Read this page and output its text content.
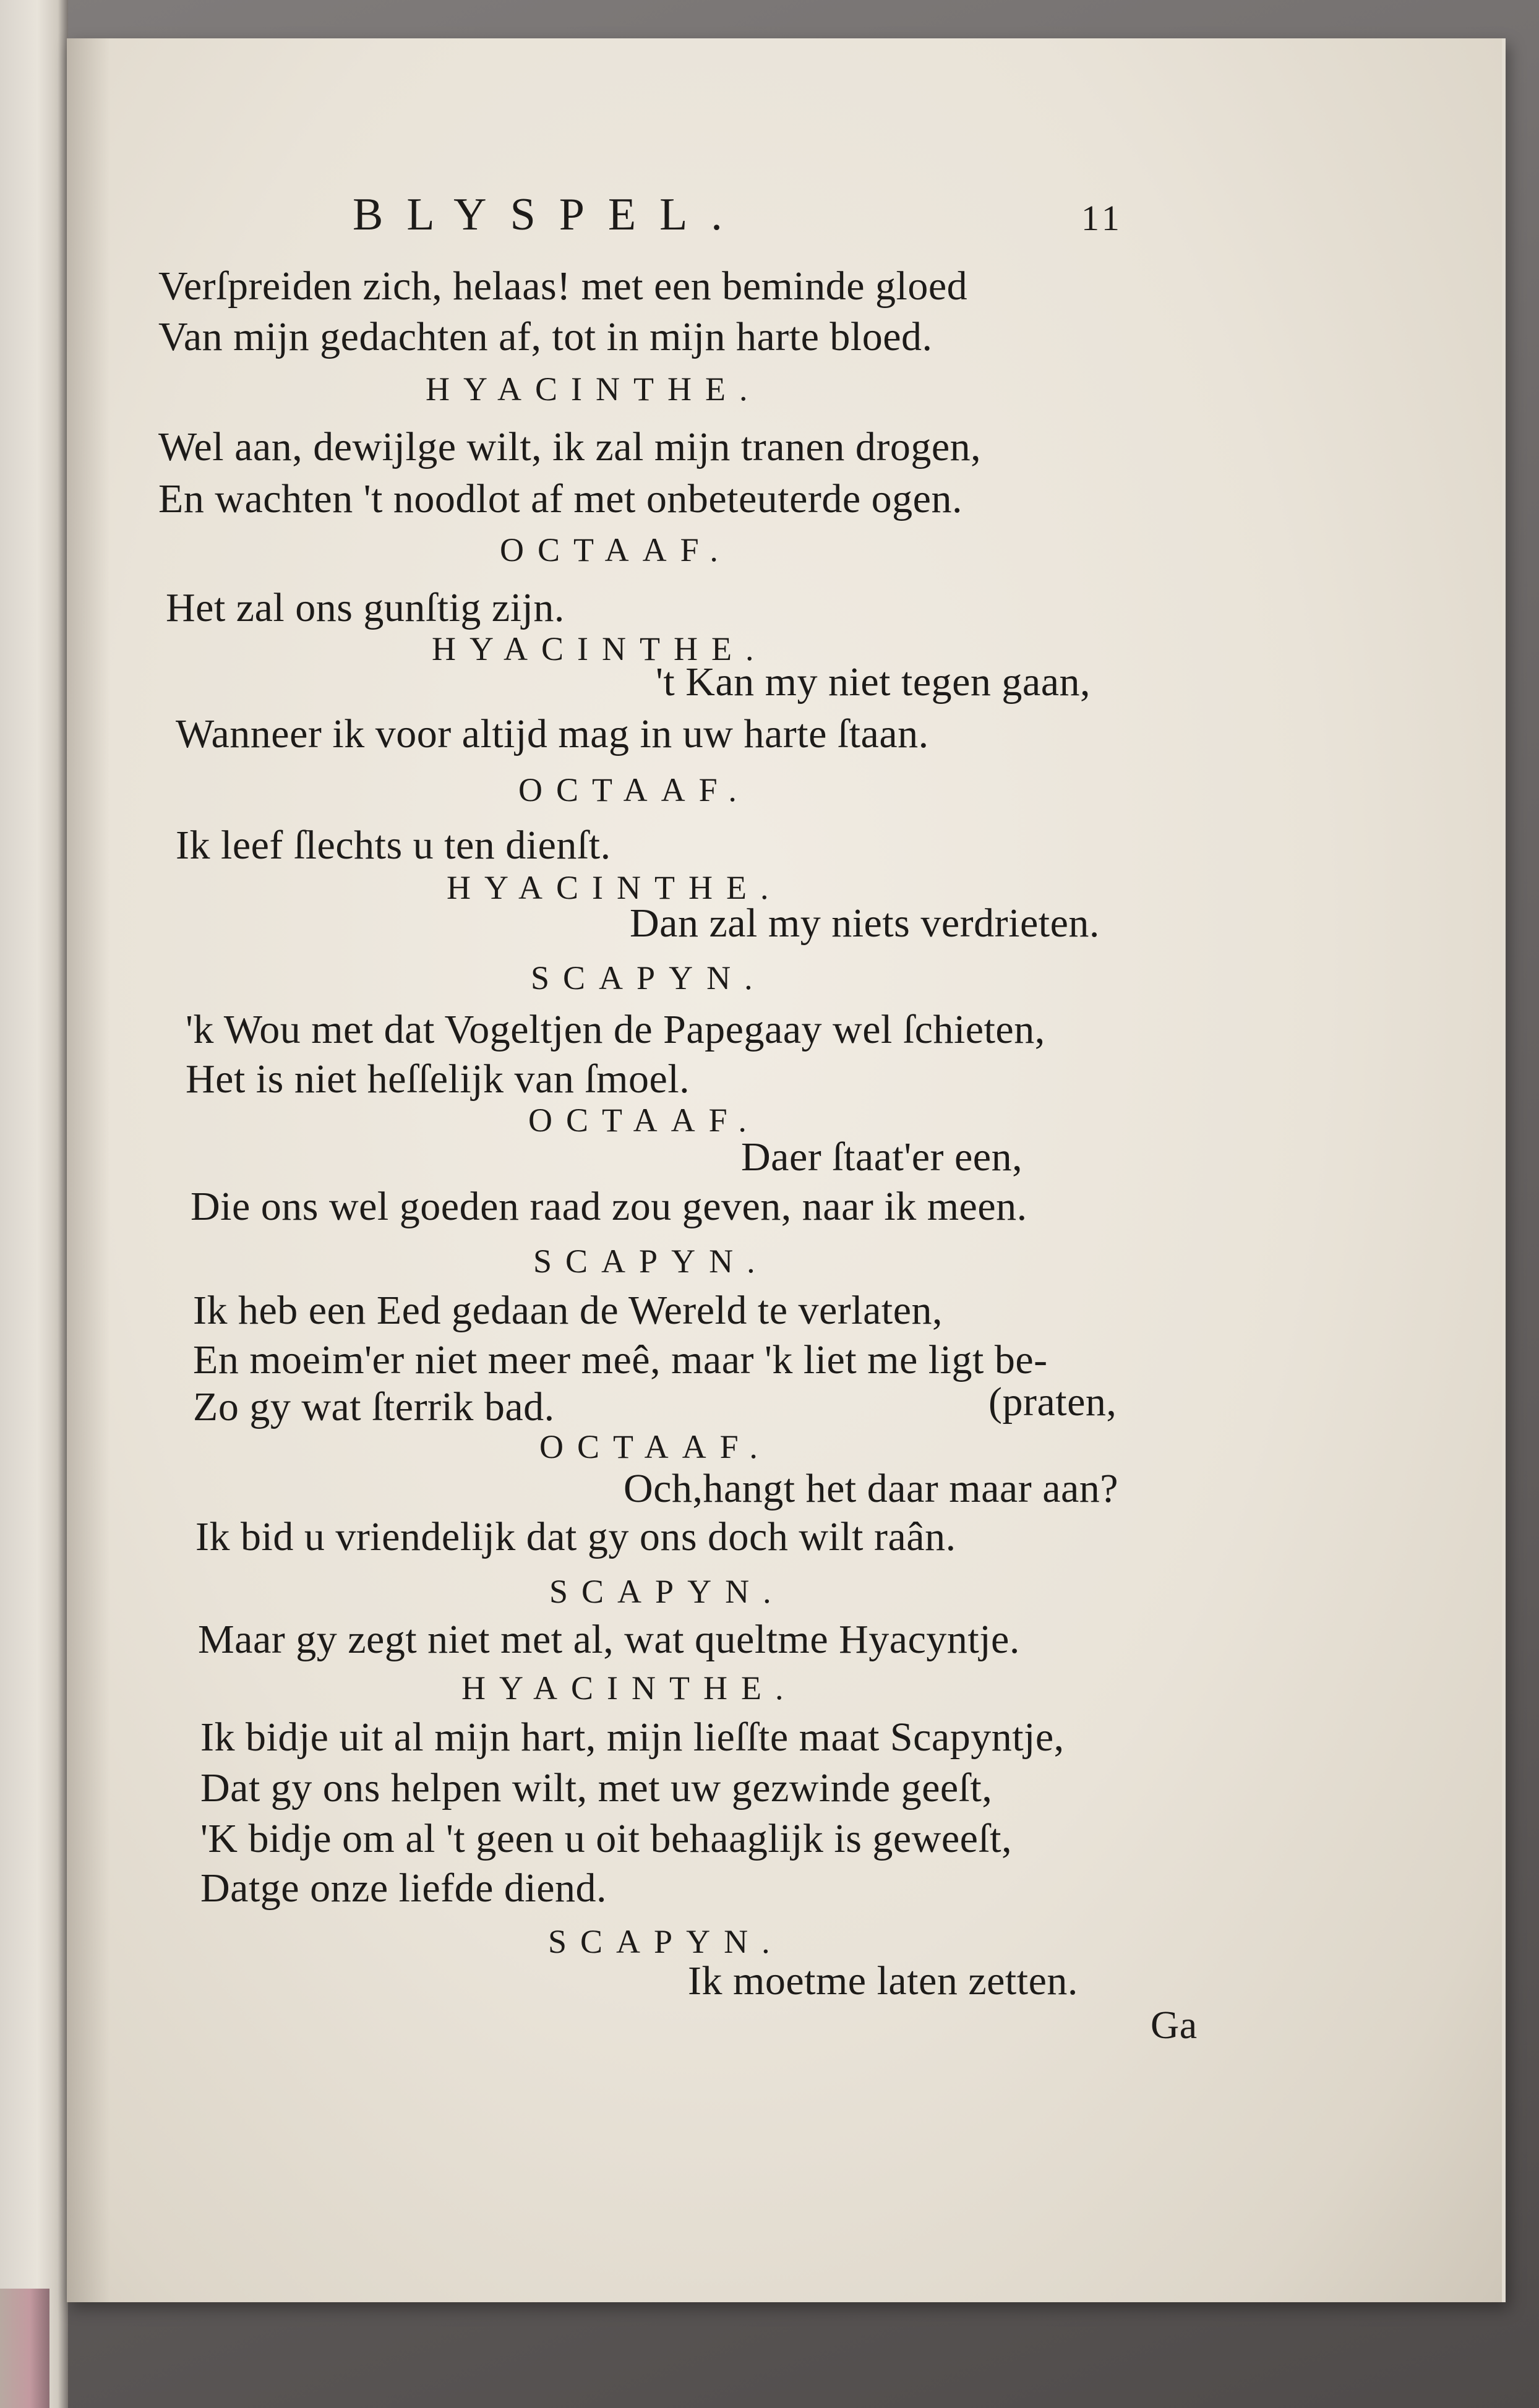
BLYSPEL.	11
Verſpreiden zich, helaas! met een beminde gloed
Van mijn gedachten af, tot in mijn harte bloed.
HYACINTHE.
Wel aan, dewijlge wilt, ik zal mijn tranen drogen,
En wachten 't noodlot af met onbeteuterde ogen.
OCTAAF.
Het zal ons gunſtig zijn.
HYACINTHE.
't Kan my niet tegen gaan,
Wanneer ik voor altijd mag in uw harte ſtaan.
OCTAAF.
Ik leef ſlechts u ten dienſt.
HYACINTHE.
Dan zal my niets verdrieten.
SCAPYN.
'k Wou met dat Vogeltjen de Papegaay wel ſchieten,
Het is niet heſſelijk van ſmoel.
OCTAAF.
Daer ſtaat'er een,
Die ons wel goeden raad zou geven, naar ik meen.
SCAPYN.
Ik heb een Eed gedaan de Wereld te verlaten,
En moeim'er niet meer meê, maar 'k liet me ligt be-
Zo gy wat ſterrik bad.	(praten,
OCTAAF.
Och,hangt het daar maar aan?
Ik bid u vriendelijk dat gy ons doch wilt raân.
SCAPYN.
Maar gy zegt niet met al, wat queltme Hyacyntje.
HYACINTHE.
Ik bidje uit al mijn hart, mijn lieſſte maat Scapyntje,
Dat gy ons helpen wilt, met uw gezwinde geeſt,
'K bidje om al 't geen u oit behaaglijk is geweeſt,
Datge onze liefde diend.
SCAPYN.
Ik moetme laten zetten.
Ga
